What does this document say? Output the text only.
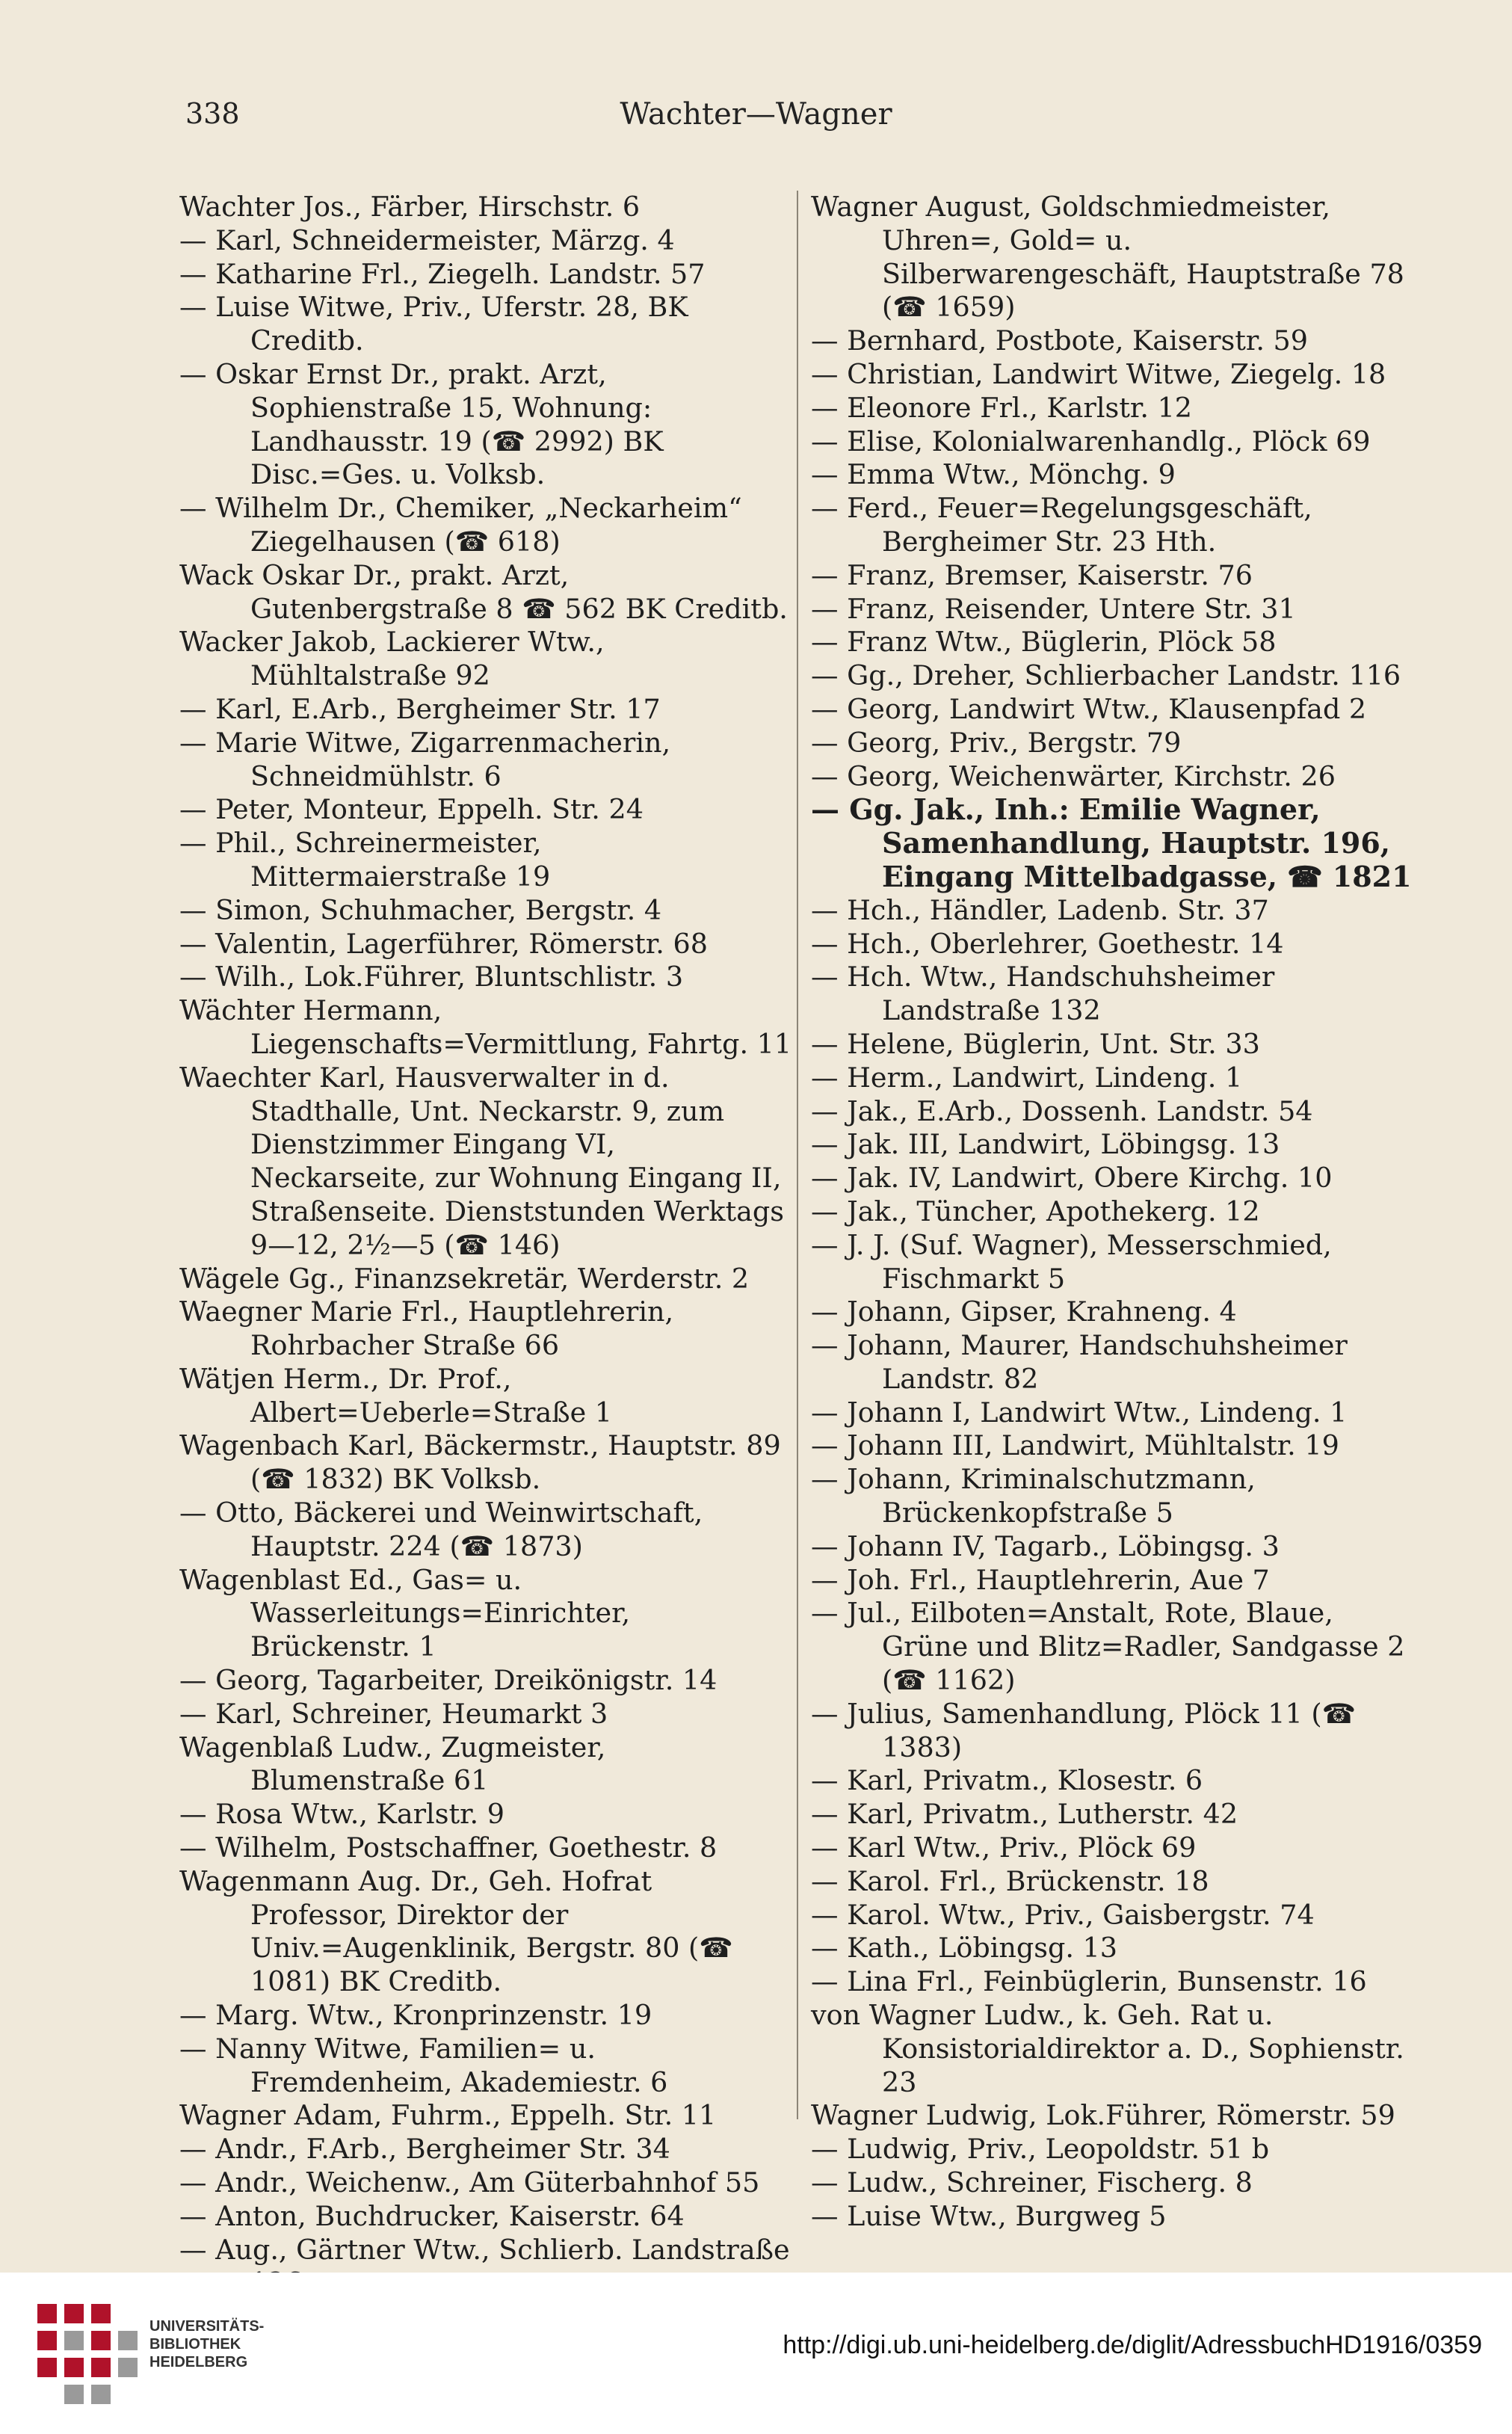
338	Wachter—Wagner
Wachter Jos., Färber, Hirschstr. 6
— Karl, Schneidermeister, Märzg. 4
— Katharine Frl., Ziegelh. Landstr. 57
— Luise Witwe, Priv., Uferstr. 28, BK Creditb.
— Oskar Ernst Dr., prakt. Arzt, Sophienstraße 15, Wohnung: Landhausstr. 19 (☎ 2992) BK Disc.=Ges. u. Volksb.
— Wilhelm Dr., Chemiker, „Neckarheim“ Ziegelhausen (☎ 618)
Wack Oskar Dr., prakt. Arzt, Gutenbergstraße 8 ☎ 562 BK Creditb.
Wacker Jakob, Lackierer Wtw., Mühltalstraße 92
— Karl, E.Arb., Bergheimer Str. 17
— Marie Witwe, Zigarrenmacherin, Schneidmühlstr. 6
— Peter, Monteur, Eppelh. Str. 24
— Phil., Schreinermeister, Mittermaierstraße 19
— Simon, Schuhmacher, Bergstr. 4
— Valentin, Lagerführer, Römerstr. 68
— Wilh., Lok.Führer, Bluntschlistr. 3
Wächter Hermann, Liegenschafts=Vermittlung, Fahrtg. 11
Waechter Karl, Hausverwalter in d. Stadthalle, Unt. Neckarstr. 9, zum Dienstzimmer Eingang VI, Neckarseite, zur Wohnung Eingang II, Straßenseite. Dienststunden Werktags 9—12, 2½—5 (☎ 146)
Wägele Gg., Finanzsekretär, Werderstr. 2
Waegner Marie Frl., Hauptlehrerin, Rohrbacher Straße 66
Wätjen Herm., Dr. Prof., Albert=Ueberle=Straße 1
Wagenbach Karl, Bäckermstr., Hauptstr. 89 (☎ 1832) BK Volksb.
— Otto, Bäckerei und Weinwirtschaft, Hauptstr. 224 (☎ 1873)
Wagenblast Ed., Gas= u. Wasserleitungs=Einrichter, Brückenstr. 1
— Georg, Tagarbeiter, Dreikönigstr. 14
— Karl, Schreiner, Heumarkt 3
Wagenblaß Ludw., Zugmeister, Blumenstraße 61
— Rosa Wtw., Karlstr. 9
— Wilhelm, Postschaffner, Goethestr. 8
Wagenmann Aug. Dr., Geh. Hofrat Professor, Direktor der Univ.=Augenklinik, Bergstr. 80 (☎ 1081) BK Creditb.
— Marg. Wtw., Kronprinzenstr. 19
— Nanny Witwe, Familien= u. Fremdenheim, Akademiestr. 6
Wagner Adam, Fuhrm., Eppelh. Str. 11
— Andr., F.Arb., Bergheimer Str. 34
— Andr., Weichenw., Am Güterbahnhof 55
— Anton, Buchdrucker, Kaiserstr. 64
— Aug., Gärtner Wtw., Schlierb. Landstraße
Wagner August, Goldschmiedmeister, Uhren=, Gold= u. Silberwarengeschäft, Hauptstraße 78 (☎ 1659)
— Bernhard, Postbote, Kaiserstr. 59
— Christian, Landwirt Witwe, Ziegelg. 18
— Eleonore Frl., Karlstr. 12
— Elise, Kolonialwarenhandlg., Plöck 69
— Emma Wtw., Mönchg. 9
— Ferd., Feuer=Regelungsgeschäft, Bergheimer Str. 23 Hth.
— Franz, Bremser, Kaiserstr. 76
— Franz, Reisender, Untere Str. 31
— Franz Wtw., Büglerin, Plöck 58
— Gg., Dreher, Schlierbacher Landstr. 116
— Georg, Landwirt Wtw., Klausenpfad 2
— Georg, Priv., Bergstr. 79
— Georg, Weichenwärter, Kirchstr. 26
— Gg. Jak., Inh.: Emilie Wagner, Samenhandlung, Hauptstr. 196, Eingang Mittelbadgasse, ☎ 1821
— Hch., Händler, Ladenb. Str. 37
— Hch., Oberlehrer, Goethestr. 14
— Hch. Wtw., Handschuhsheimer Landstraße 132
— Helene, Büglerin, Unt. Str. 33
— Herm., Landwirt, Lindeng. 1
— Jak., E.Arb., Dossenh. Landstr. 54
— Jak. III, Landwirt, Löbingsg. 13
— Jak. IV, Landwirt, Obere Kirchg. 10
— Jak., Tüncher, Apothekerg. 12
— J. J. (Suf. Wagner), Messerschmied, Fischmarkt 5
— Johann, Gipser, Krahneng. 4
— Johann, Maurer, Handschuhsheimer Landstr. 82
— Johann I, Landwirt Wtw., Lindeng. 1
— Johann III, Landwirt, Mühltalstr. 19
— Johann, Kriminalschutzmann, Brückenkopfstraße 5
— Johann IV, Tagarb., Löbingsg. 3
— Joh. Frl., Hauptlehrerin, Aue 7
— Jul., Eilboten=Anstalt, Rote, Blaue, Grüne und Blitz=Radler, Sandgasse 2 (☎ 1162)
— Julius, Samenhandlung, Plöck 11 (☎ 1383)
— Karl, Privatm., Klosestr. 6
— Karl, Privatm., Lutherstr. 42
— Karl Wtw., Priv., Plöck 69
— Karol. Frl., Brückenstr. 18
— Karol. Wtw., Priv., Gaisbergstr. 74
— Kath., Löbingsg. 13
— Lina Frl., Feinbüglerin, Bunsenstr. 16
von Wagner Ludw., k. Geh. Rat u. Konsistorialdirektor a. D., Sophienstr. 23
Wagner Ludwig, Lok.Führer, Römerstr. 59
— Ludwig, Priv., Leopoldstr. 51 b
— Ludw., Schreiner, Fischerg. 8
— Luise Wtw., Burgweg 5
UNIVERSITÄTS-
BIBLIOTHEK
HEIDELBERG
http://digi.ub.uni-heidelberg.de/diglit/AdressbuchHD1916/0359
